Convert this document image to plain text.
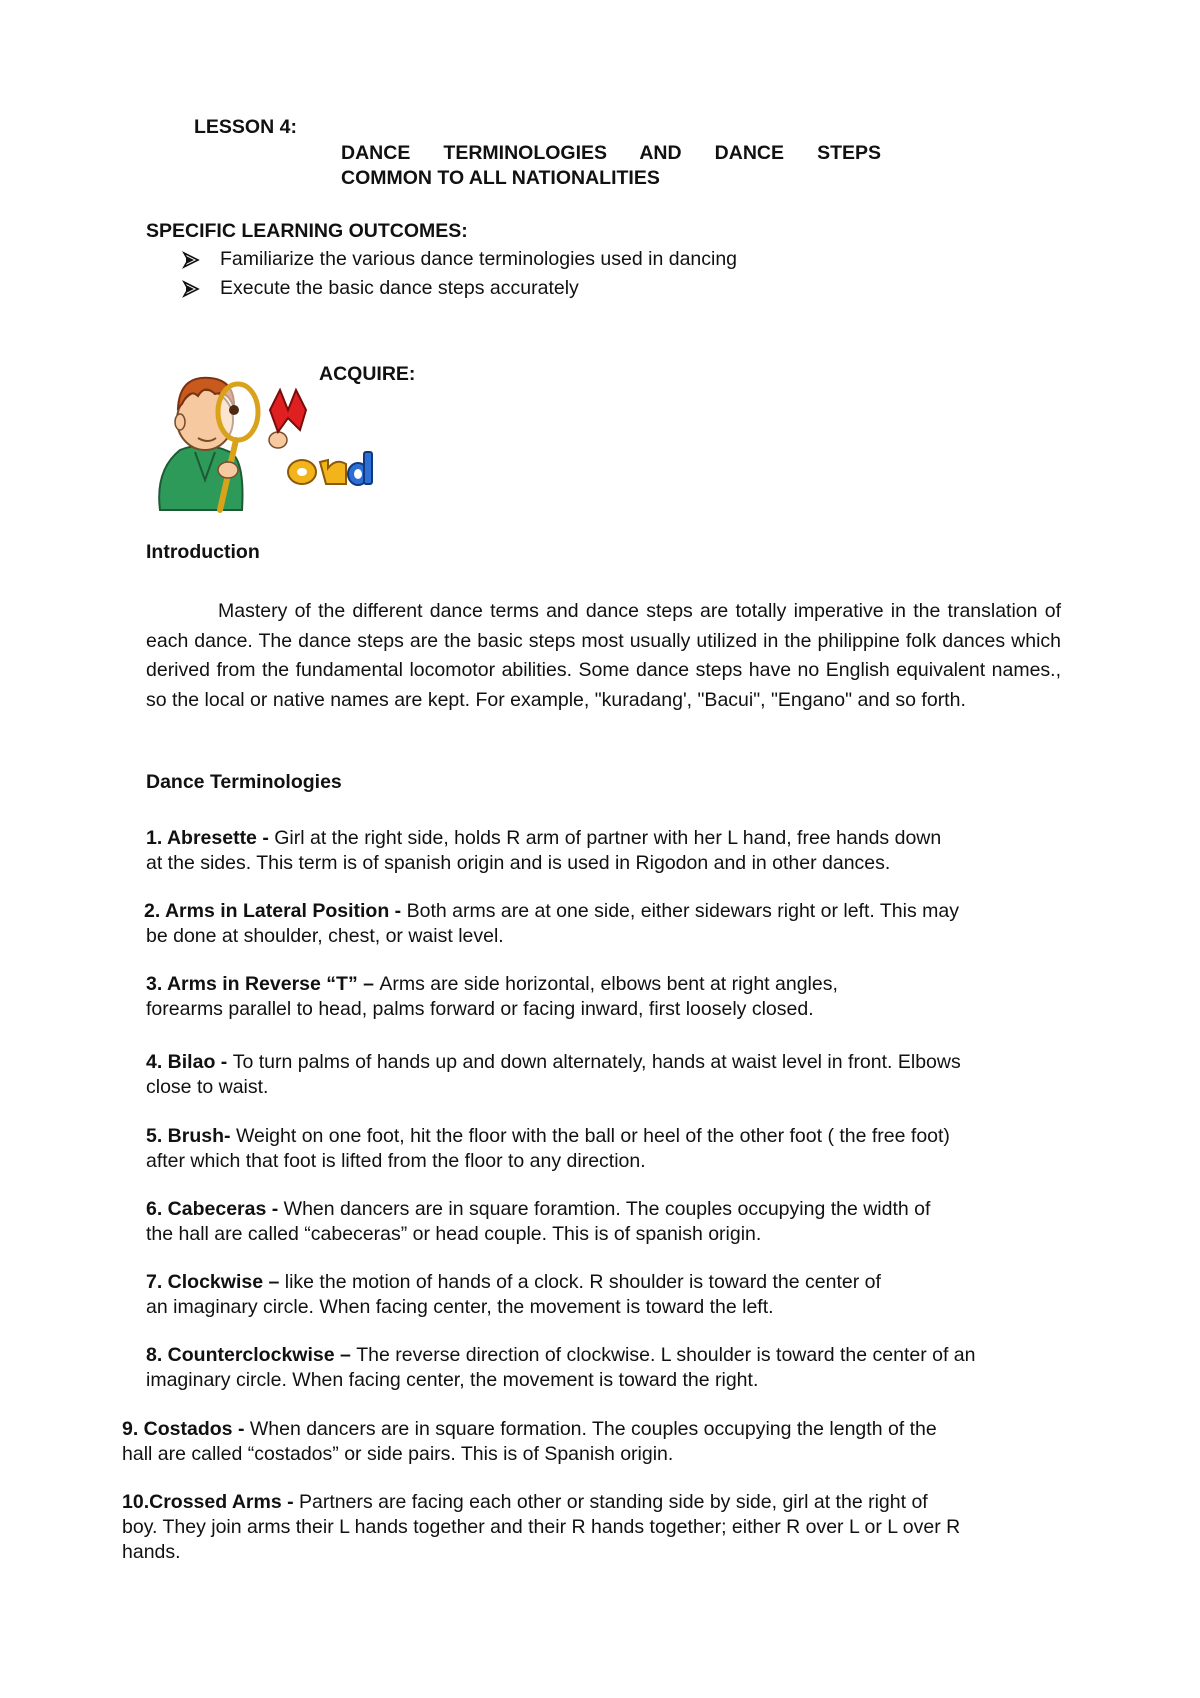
LESSON 4:
DANCE TERMINOLOGIES AND DANCE STEPS
COMMON TO ALL NATIONALITIES
SPECIFIC LEARNING OUTCOMES:
Familiarize the various dance terminologies used in dancing
Execute the basic dance steps accurately
ACQUIRE:
Introduction

Mastery of the different dance terms and dance steps are totally imperative in the translation of each dance. The dance steps are the basic steps most usually utilized in the philippine folk dances which derived from the fundamental locomotor abilities. Some dance steps have no English equivalent names., so the local or native names are kept. For example, "kuradang', "Bacui", "Engano" and so forth.

Dance Terminologies
1. Abresette - Girl at the right side, holds R arm of partner with her L hand, free hands down
at the sides. This term is of spanish origin and is used in Rigodon and in other dances.
2. Arms in Lateral Position - Both arms are at one side, either sidewars right or left. This may
be done at shoulder, chest, or waist level.
3. Arms in Reverse “T” – Arms are side horizontal, elbows bent at right angles,
forearms parallel to head, palms forward or facing inward, first loosely closed.
4. Bilao - To turn palms of hands up and down alternately, hands at waist level in front. Elbows
close to waist.
5. Brush- Weight on one foot, hit the floor with the ball or heel of the other foot ( the free foot)
after which that foot is lifted from the floor to any direction.
6. Cabeceras - When dancers are in square foramtion. The couples occupying the width of
the hall are called “cabeceras” or head couple. This is of spanish origin.
7. Clockwise – like the motion of hands of a clock. R shoulder is toward the center of
an imaginary circle. When facing center, the movement is toward the left.
8. Counterclockwise – The reverse direction of clockwise. L shoulder is toward the center of an
imaginary circle. When facing center, the movement is toward the right.
9. Costados - When dancers are in square formation. The couples occupying the length of the
hall are called “costados” or side pairs. This is of Spanish origin.
10.Crossed Arms - Partners are facing each other or standing side by side, girl at the right of
boy. They join arms their L hands together and their R hands together; either R over L or L over R
hands.
